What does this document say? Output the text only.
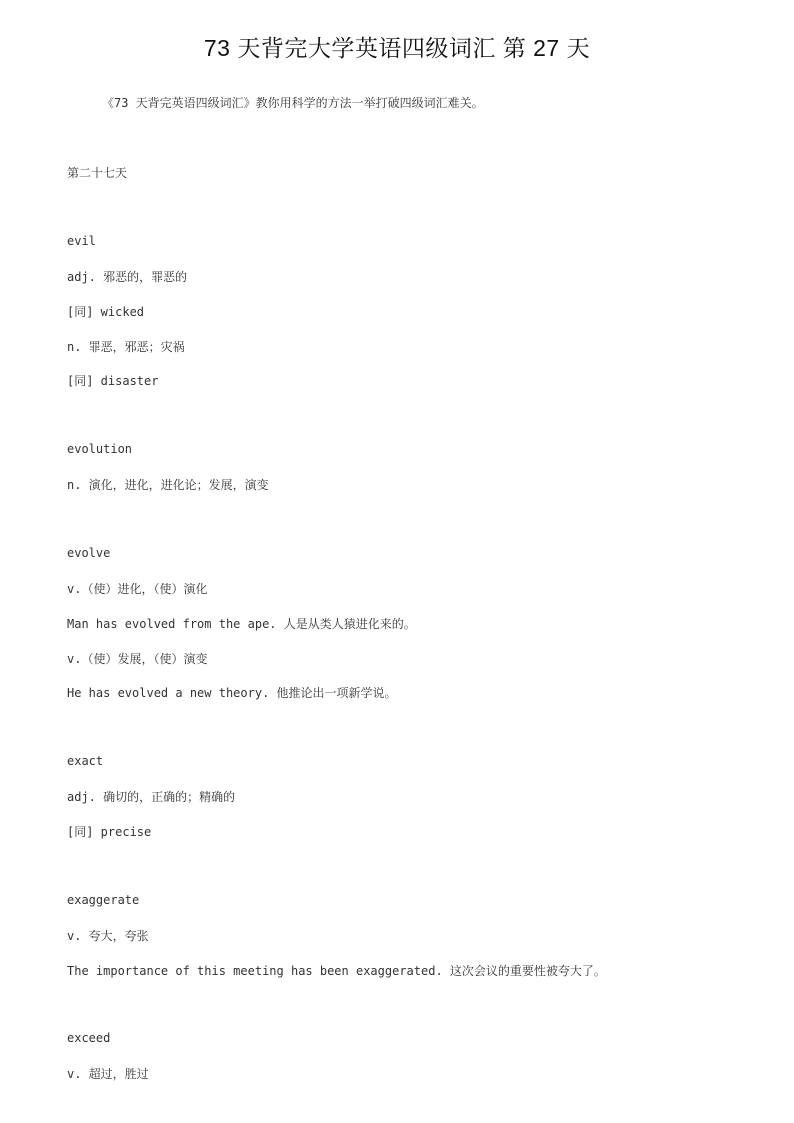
73 天背完大学英语四级词汇 第 27 天
《73 天背完英语四级词汇》教你用科学的方法一举打破四级词汇难关。
第二十七天
evil
adj. 邪恶的，罪恶的
[同] wicked
n. 罪恶，邪恶；灾祸
[同] disaster
evolution
n. 演化，进化，进化论；发展，演变
evolve
v.（使）进化，（使）演化
Man has evolved from the ape. 人是从类人猿进化来的。
v.（使）发展，（使）演变
He has evolved a new theory. 他推论出一项新学说。
exact
adj. 确切的，正确的；精确的
[同] precise
exaggerate
v. 夸大，夸张
The importance of this meeting has been exaggerated. 这次会议的重要性被夸大了。
exceed
v. 超过，胜过
